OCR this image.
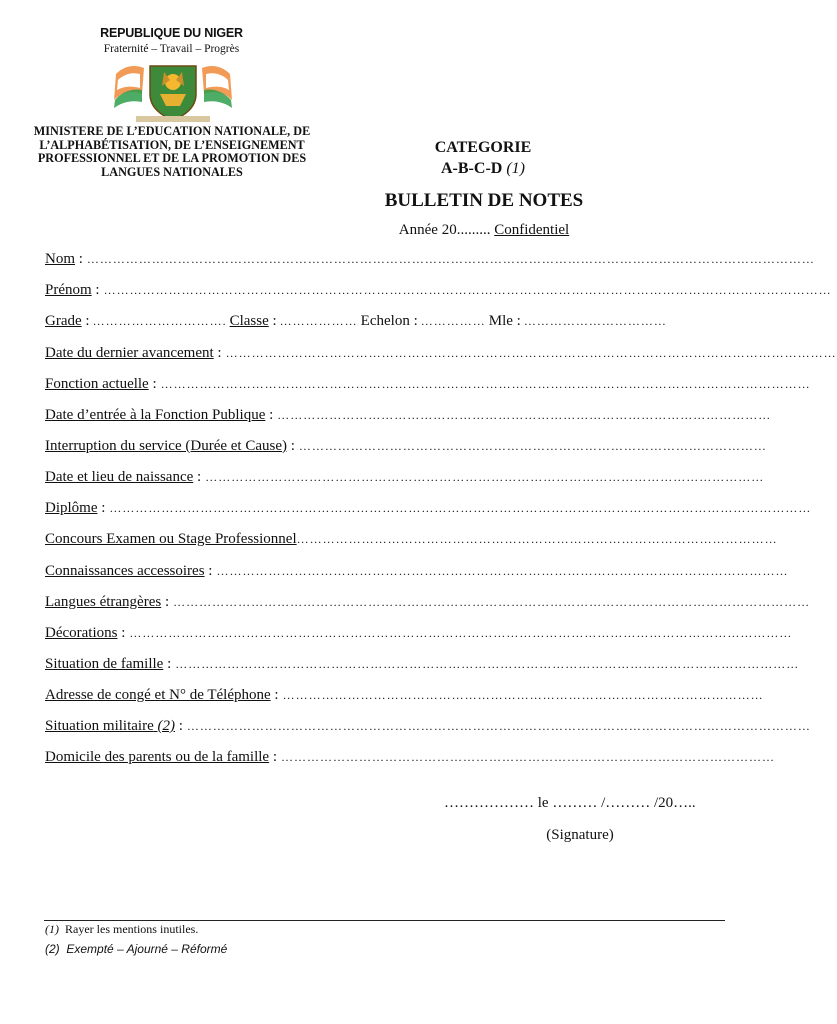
REPUBLIQUE DU NIGER
Fraternité – Travail – Progrès
MINISTERE DE L’EDUCATION NATIONALE, DE
L’ALPHABÉTISATION, DE L’ENSEIGNEMENT
PROFESSIONNEL ET DE LA PROMOTION DES
LANGUES NATIONALES
CATEGORIE
A-B-C-D (1)
BULLETIN DE NOTES
Année 20......... Confidentiel
Nom : ……………………………………………………………………………………………………………………………………………………
Prénom : ……………………………………………………………………………………………………………………………………………………
Grade : …………………………. Classe : ……………… Echelon : …………… Mle : ……………………………
Date du dernier avancement : ……………………………………………………………………………………………………………………………
Fonction actuelle : ……………………………………………………………………………………………………………………………………
Date d’entrée à la Fonction Publique : ……………………………………………………………………………………………………
Interruption du service (Durée et Cause) : ………………………………………………………………………………………………
Date et lieu de naissance : …………………………………………………………………………………………………………………
Diplôme : ………………………………………………………………………………………………………………………………………………
Concours Examen ou Stage Professionnel …………………………………………………………………………………………………
Connaissances accessoires : ……………………………………………………………………………………………………………………
Langues étrangères : …………………………………………………………………………………………………………………………………
Décorations : ………………………………………………………………………………………………………………………………………
Situation de famille : ………………………………………………………………………………………………………………………………
Adresse de congé et N° de Téléphone : …………………………………………………………………………………………………
Situation militaire (2) : ………………………………………………………………………………………………………………………………
Domicile des parents ou de la famille : ……………………………………………………………………………………………………
……………… le ……… /……… /20…..
(Signature)
(1) Rayer les mentions inutiles.
(2) Exempté – Ajourné – Réformé
